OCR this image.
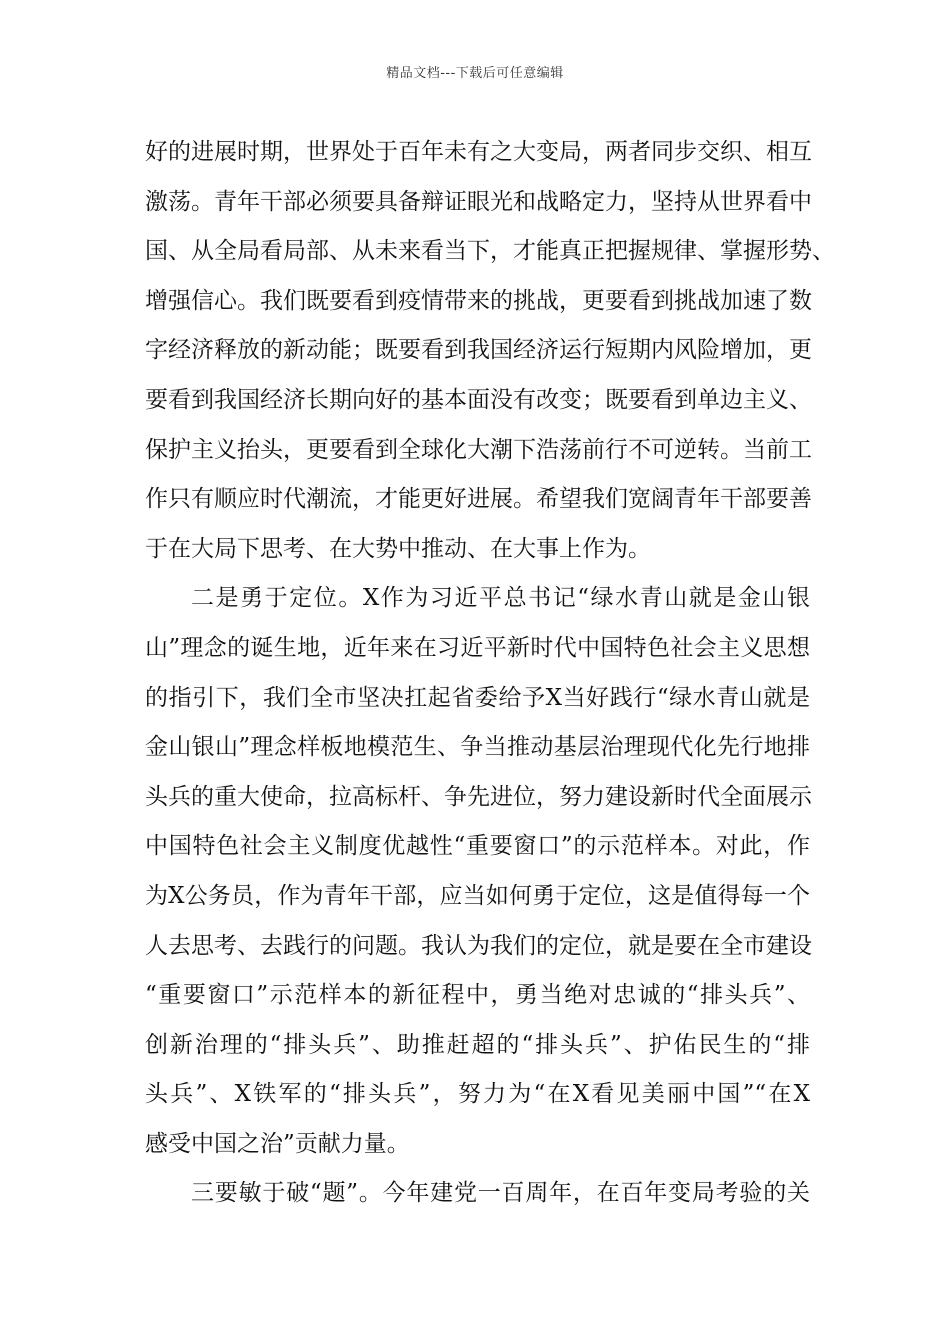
精品文档---下载后可任意编辑
好的进展时期，世界处于百年未有之大变局，两者同步交织、相互
激荡。青年干部必须要具备辩证眼光和战略定力，坚持从世界看中
国、从全局看局部、从未来看当下，才能真正把握规律、掌握形势、
增强信心。我们既要看到疫情带来的挑战，更要看到挑战加速了数
字经济释放的新动能；既要看到我国经济运行短期内风险增加，更
要看到我国经济长期向好的基本面没有改变；既要看到单边主义、
保护主义抬头，更要看到全球化大潮下浩荡前行不可逆转。当前工
作只有顺应时代潮流，才能更好进展。希望我们宽阔青年干部要善
于在大局下思考、在大势中推动、在大事上作为。
二是勇于定位。X作为习近平总书记“绿水青山就是金山银
山”理念的诞生地，近年来在习近平新时代中国特色社会主义思想
的指引下，我们全市坚决扛起省委给予X当好践行“绿水青山就是
金山银山”理念样板地模范生、争当推动基层治理现代化先行地排
头兵的重大使命，拉高标杆、争先进位，努力建设新时代全面展示
中国特色社会主义制度优越性“重要窗口”的示范样本。对此，作
为X公务员，作为青年干部，应当如何勇于定位，这是值得每一个
人去思考、去践行的问题。我认为我们的定位，就是要在全市建设
“重要窗口”示范样本的新征程中，勇当绝对忠诚的“排头兵”、
创新治理的“排头兵”、助推赶超的“排头兵”、护佑民生的“排
头兵”、X铁军的“排头兵”，努力为“在X看见美丽中国”“在X
感受中国之治”贡献力量。
三要敏于破“题”。今年建党一百周年，在百年变局考验的关
